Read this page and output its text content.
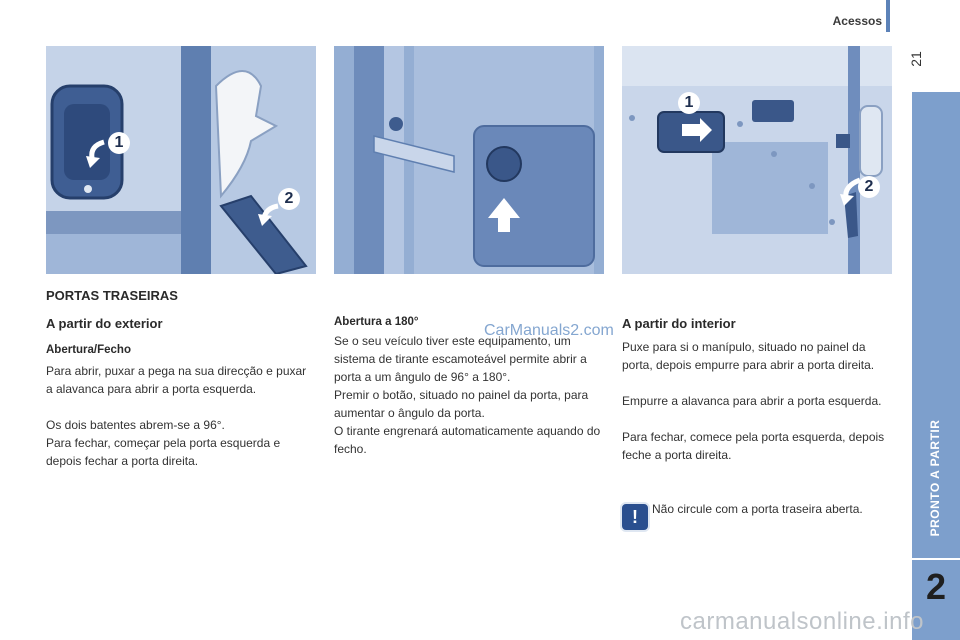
Acessos
21
PRONTO A PARTIR
2
1
2
1
2
PORTAS TRASEIRAS
A partir do exterior
Abertura/Fecho

Para abrir, puxar a pega na sua direcção e puxar a alavanca para abrir a porta esquerda.

Os dois batentes abrem-se a 96°.

Para fechar, começar pela porta esquerda e depois fechar a porta direita.

Abertura a 180°	CarManuals2.com

Se o seu veículo tiver este equipamento, um sistema de tirante escamoteável permite abrir a porta a um ângulo de 96° a 180°.

Premir o botão, situado no painel da porta, para aumentar o ângulo da porta.

O tirante engrenará automaticamente aquando do fecho.

A partir do interior

Puxe para si o manípulo, situado no painel da porta, depois empurre para abrir a porta direita.

Empurre a alavanca para abrir a porta esquerda.

Para fechar, comece pela porta esquerda, depois feche a porta direita.

!	Não circule com a porta traseira aberta.

carmanualsonline.info
